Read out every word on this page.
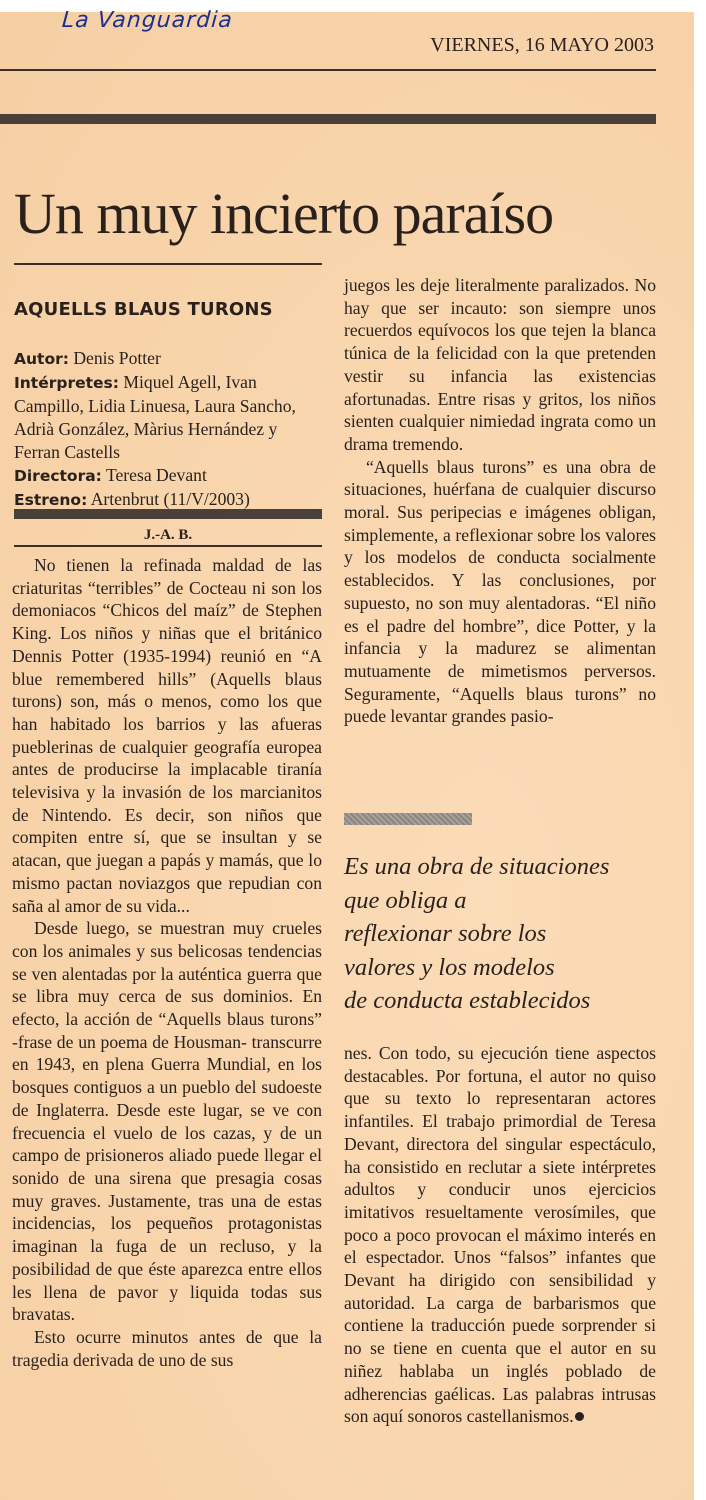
La Vanguardia
VIERNES, 16 MAYO 2003
Un muy incierto paraíso
AQUELLS BLAUS TURONS
Autor: Denis Potter
Intérpretes: Miquel Agell, Ivan Campillo, Lidia Linuesa, Laura Sancho, Adrià González, Màrius Hernández y Ferran Castells
Directora: Teresa Devant
Estreno: Artenbrut (11/V/2003)
J.-A. B.

No tienen la refinada maldad de las criaturitas “terribles” de Cocteau ni son los demoniacos “Chicos del maíz” de Stephen King. Los niños y niñas que el británico Dennis Potter (1935-1994) reunió en “A blue remembered hills” (Aquells blaus turons) son, más o menos, como los que han habitado los barrios y las afueras pueblerinas de cualquier geografía europea antes de producirse la implacable tiranía televisiva y la invasión de los marcianitos de Nintendo. Es decir, son niños que compiten entre sí, que se insultan y se atacan, que juegan a papás y mamás, que lo mismo pactan noviazgos que repudian con saña al amor de su vida...

Desde luego, se muestran muy crueles con los animales y sus belicosas tendencias se ven alentadas por la auténtica guerra que se libra muy cerca de sus dominios. En efecto, la acción de “Aquells blaus turons” -frase de un poema de Housman- transcurre en 1943, en plena Guerra Mundial, en los bosques contiguos a un pueblo del sudoeste de Inglaterra. Desde este lugar, se ve con frecuencia el vuelo de los cazas, y de un campo de prisioneros aliado puede llegar el sonido de una sirena que presagia cosas muy graves. Justamente, tras una de estas incidencias, los pequeños protagonistas imaginan la fuga de un recluso, y la posibilidad de que éste aparezca entre ellos les llena de pavor y liquida todas sus bravatas.

Esto ocurre minutos antes de que la tragedia derivada de uno de sus

juegos les deje literalmente paralizados. No hay que ser incauto: son siempre unos recuerdos equívocos los que tejen la blanca túnica de la felicidad con la que pretenden vestir su infancia las existencias afortunadas. Entre risas y gritos, los niños sienten cualquier nimiedad ingrata como un drama tremendo.

“Aquells blaus turons” es una obra de situaciones, huérfana de cualquier discurso moral. Sus peripecias e imágenes obligan, simplemente, a reflexionar sobre los valores y los modelos de conducta socialmente establecidos. Y las conclusiones, por supuesto, no son muy alentadoras. “El niño es el padre del hombre”, dice Potter, y la infancia y la madurez se alimentan mutuamente de mimetismos perversos. Seguramente, “Aquells blaus turons” no puede levantar grandes pasio-

Es una obra de situaciones
que obliga a
reflexionar sobre los
valores y los modelos
de conducta establecidos

nes. Con todo, su ejecución tiene aspectos destacables. Por fortuna, el autor no quiso que su texto lo representaran actores infantiles. El trabajo primordial de Teresa Devant, directora del singular espectáculo, ha consistido en reclutar a siete intérpretes adultos y conducir unos ejercicios imitativos resueltamente verosímiles, que poco a poco provocan el máximo interés en el espectador. Unos “falsos” infantes que Devant ha dirigido con sensibilidad y autoridad. La carga de barbarismos que contiene la traducción puede sorprender si no se tiene en cuenta que el autor en su niñez hablaba un inglés poblado de adherencias gaélicas. Las palabras intrusas son aquí sonoros castellanismos.
